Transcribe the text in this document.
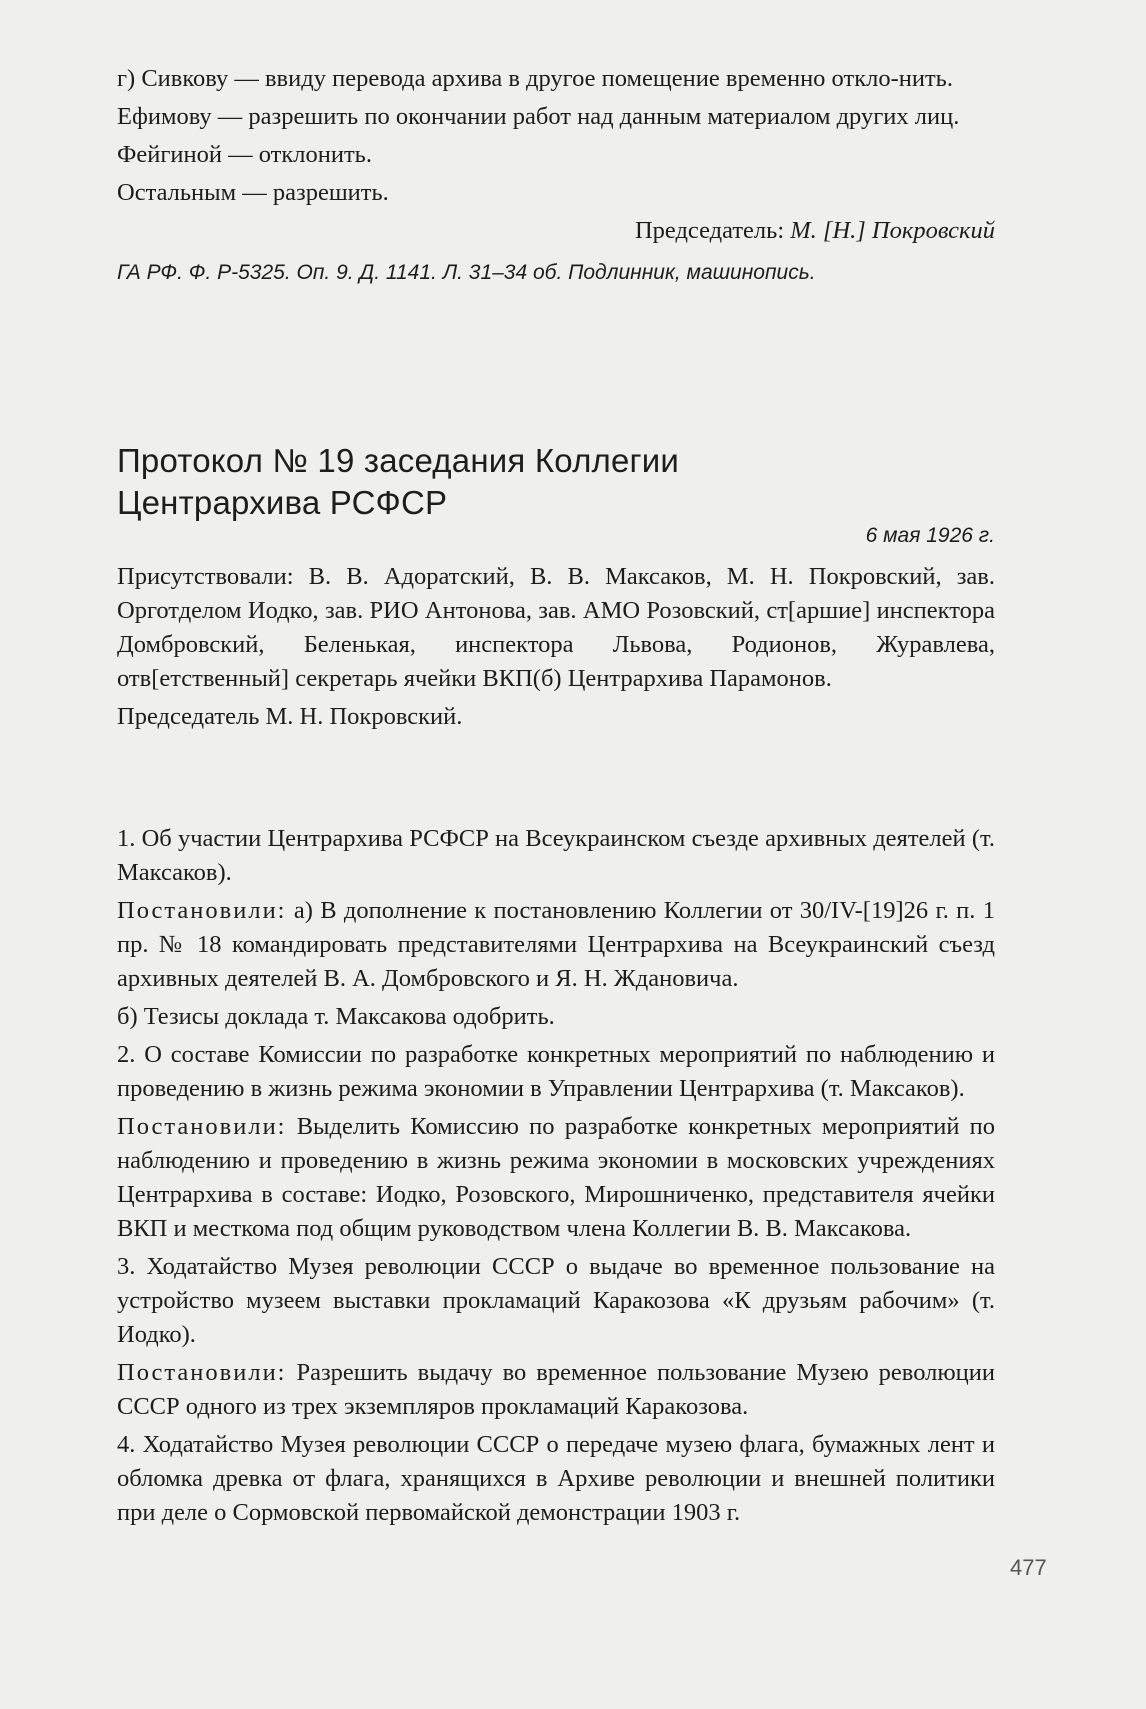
г) Сивкову — ввиду перевода архива в другое помещение временно откло-нить.

Ефимову — разрешить по окончании работ над данным материалом других лиц.

Фейгиной — отклонить.

Остальным — разрешить.

Председатель: М. [Н.] Покровский

ГА РФ. Ф. Р-5325. Оп. 9. Д. 1141. Л. 31–34 об. Подлинник, машинопись.

Протокол № 19 заседания Коллегии
Центрархива РСФСР

6 мая 1926 г.

Присутствовали: В. В. Адоратский, В. В. Максаков, М. Н. Покровский, зав. Орготделом Иодко, зав. РИО Антонова, зав. АМО Розовский, ст[аршие] инспектора Домбровский, Беленькая, инспектора Львова, Родионов, Журавлева, отв[етственный] секретарь ячейки ВКП(б) Центрархива Парамонов.

Председатель М. Н. Покровский.

1. Об участии Центрархива РСФСР на Всеукраинском съезде архивных деятелей (т. Максаков).

Постановили: а) В дополнение к постановлению Коллегии от 30/IV-[19]26 г. п. 1 пр. № 18 командировать представителями Центрархива на Всеукраинский съезд архивных деятелей В. А. Домбровского и Я. Н. Ждановича.

б) Тезисы доклада т. Максакова одобрить.

2. О составе Комиссии по разработке конкретных мероприятий по наблюдению и проведению в жизнь режима экономии в Управлении Центрархива (т. Максаков).

Постановили: Выделить Комиссию по разработке конкретных мероприятий по наблюдению и проведению в жизнь режима экономии в московских учреждениях Центрархива в составе: Иодко, Розовского, Мирошниченко, представителя ячейки ВКП и месткома под общим руководством члена Коллегии В. В. Максакова.

3. Ходатайство Музея революции СССР о выдаче во временное пользование на устройство музеем выставки прокламаций Каракозова «К друзьям рабочим» (т. Иодко).

Постановили: Разрешить выдачу во временное пользование Музею революции СССР одного из трех экземпляров прокламаций Каракозова.

4. Ходатайство Музея революции СССР о передаче музею флага, бумажных лент и обломка древка от флага, хранящихся в Архиве революции и внешней политики при деле о Сормовской первомайской демонстрации 1903 г.

477
